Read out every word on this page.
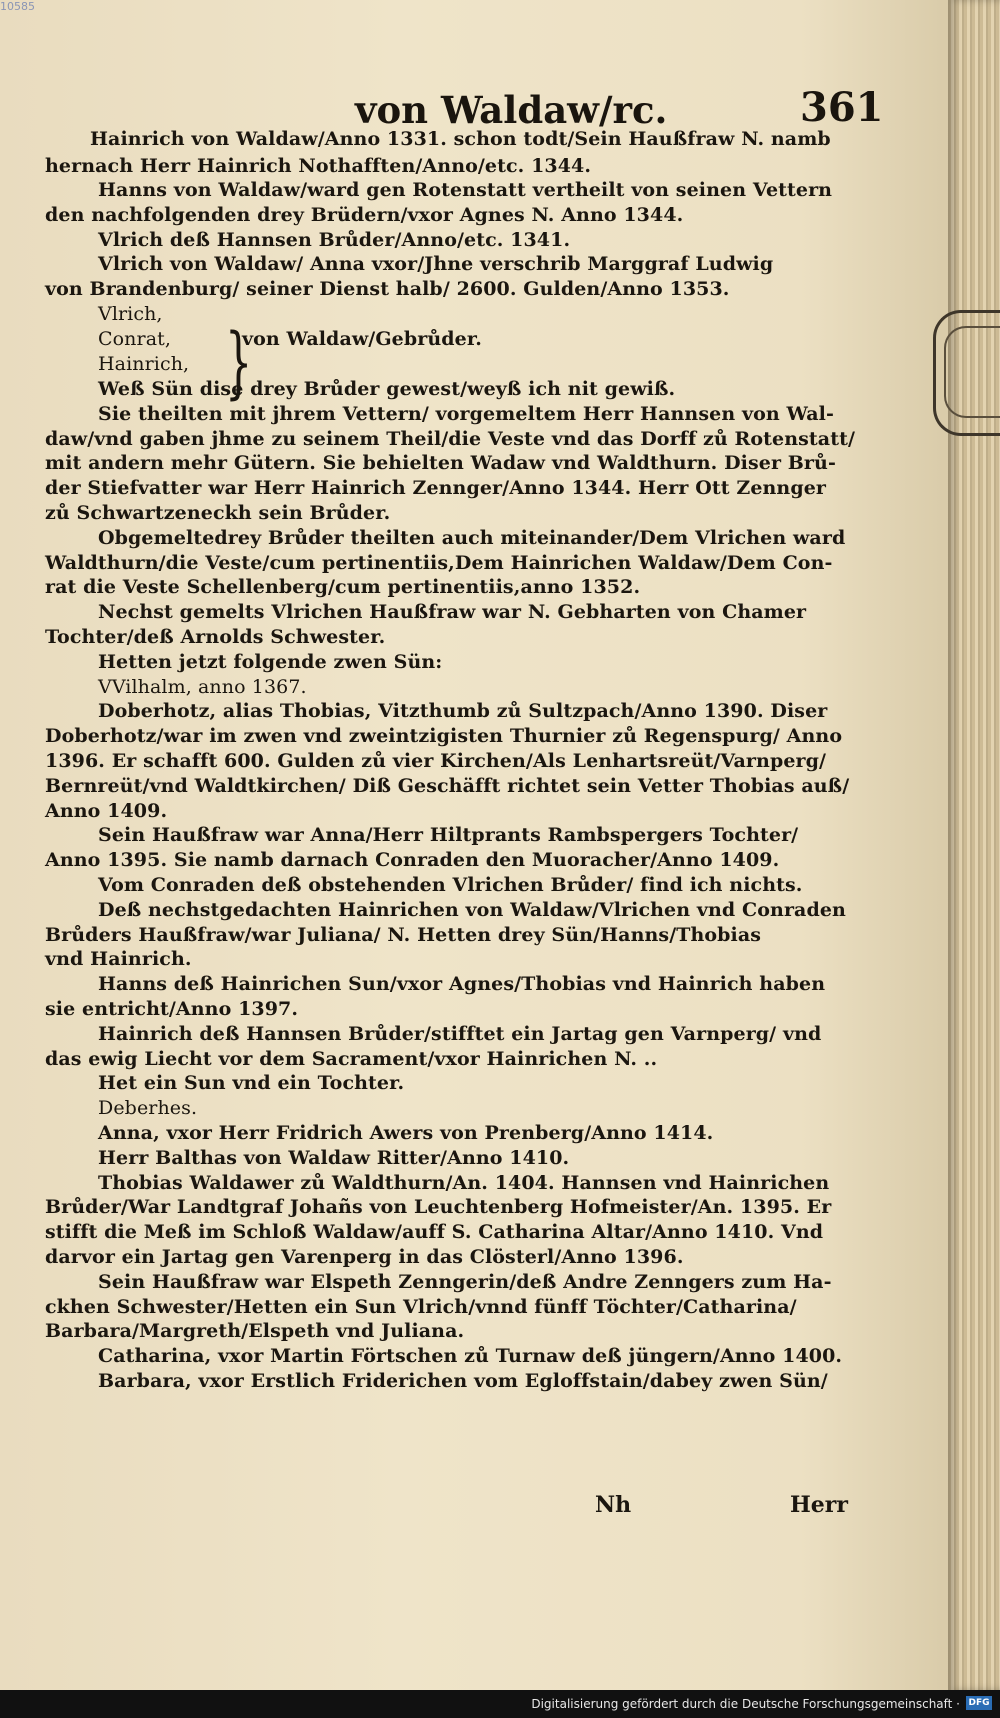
10585
von Waldaw/rc.	361
Hainrich von Waldaw/Anno 1331. schon todt/Sein Haußfraw N. namb
hernach Herr Hainrich Nothafften/Anno/etc. 1344.
Hanns von Waldaw/ward gen Rotenstatt vertheilt von seinen Vettern
den nachfolgenden drey Brüdern/vxor Agnes N. Anno 1344.
Vlrich deß Hannsen Brůder/Anno/etc. 1341.
Vlrich von Waldaw/ Anna vxor/Jhne verschrib Marggraf Ludwig
von Brandenburg/ seiner Dienst halb/ 2600. Gulden/Anno 1353.
Vlrich,
Conrat, }
von Waldaw/Gebrůder.
Hainrich,
Weß Sün dise drey Brůder gewest/weyß ich nit gewiß.
Sie theilten mit jhrem Vettern/ vorgemeltem Herr Hannsen von Wal‑
daw/vnd gaben jhme zu seinem Theil/die Veste vnd das Dorff zů Rotenstatt/
mit andern mehr Gütern. Sie behielten Wadaw vnd Waldthurn. Diser Brů‑
der Stiefvatter war Herr Hainrich Zennger/Anno 1344. Herr Ott Zennger
zů Schwartzeneckh sein Brůder.
Obgemeltedrey Brůder theilten auch miteinander/Dem Vlrichen ward
Waldthurn/die Veste/cum pertinentiis,Dem Hainrichen Waldaw/Dem Con‑
rat die Veste Schellenberg/cum pertinentiis,anno 1352.
Nechst gemelts Vlrichen Haußfraw war N. Gebharten von Chamer
Tochter/deß Arnolds Schwester.
Hetten jetzt folgende zwen Sün:
VVilhalm, anno 1367.
Doberhotz, alias Thobias, Vitzthumb zů Sultzpach/Anno 1390. Diser
Doberhotz/war im zwen vnd zweintzigisten Thurnier zů Regenspurg/ Anno
1396. Er schafft 600. Gulden zů vier Kirchen/Als Lenhartsreüt/Varnperg/
Bernreüt/vnd Waldtkirchen/ Diß Geschäfft richtet sein Vetter Thobias auß/
Anno 1409.
Sein Haußfraw war Anna/Herr Hiltprants Rambspergers Tochter/
Anno 1395. Sie namb darnach Conraden den Muoracher/Anno 1409.
Vom Conraden deß obstehenden Vlrichen Brůder/ find ich nichts.
Deß nechstgedachten Hainrichen von Waldaw/Vlrichen vnd Conraden
Brůders Haußfraw/war Juliana/ N. Hetten drey Sün/Hanns/Thobias
vnd Hainrich.
Hanns deß Hainrichen Sun/vxor Agnes/Thobias vnd Hainrich haben
sie entricht/Anno 1397.
Hainrich deß Hannsen Brůder/stifftet ein Jartag gen Varnperg/ vnd
das ewig Liecht vor dem Sacrament/vxor Hainrichen N. ..
Het ein Sun vnd ein Tochter.
Deberhes.
Anna, vxor Herr Fridrich Awers von Prenberg/Anno 1414.
Herr Balthas von Waldaw Ritter/Anno 1410.
Thobias Waldawer zů Waldthurn/An. 1404. Hannsen vnd Hainrichen
Brůder/War Landtgraf Johañs von Leuchtenberg Hofmeister/An. 1395. Er
stifft die Meß im Schloß Waldaw/auff S. Catharina Altar/Anno 1410. Vnd
darvor ein Jartag gen Varenperg in das Clösterl/Anno 1396.
Sein Haußfraw war Elspeth Zenngerin/deß Andre Zenngers zum Ha‑
ckhen Schwester/Hetten ein Sun Vlrich/vnnd fünff Töchter/Catharina/
Barbara/Margreth/Elspeth vnd Juliana.
Catharina, vxor Martin Förtschen zů Turnaw deß jüngern/Anno 1400.
Barbara, vxor Erstlich Friderichen vom Egloffstain/dabey zwen Sün/
Nh	Herr
Digitalisierung gefördert durch die Deutsche Forschungsgemeinschaft · DFG
